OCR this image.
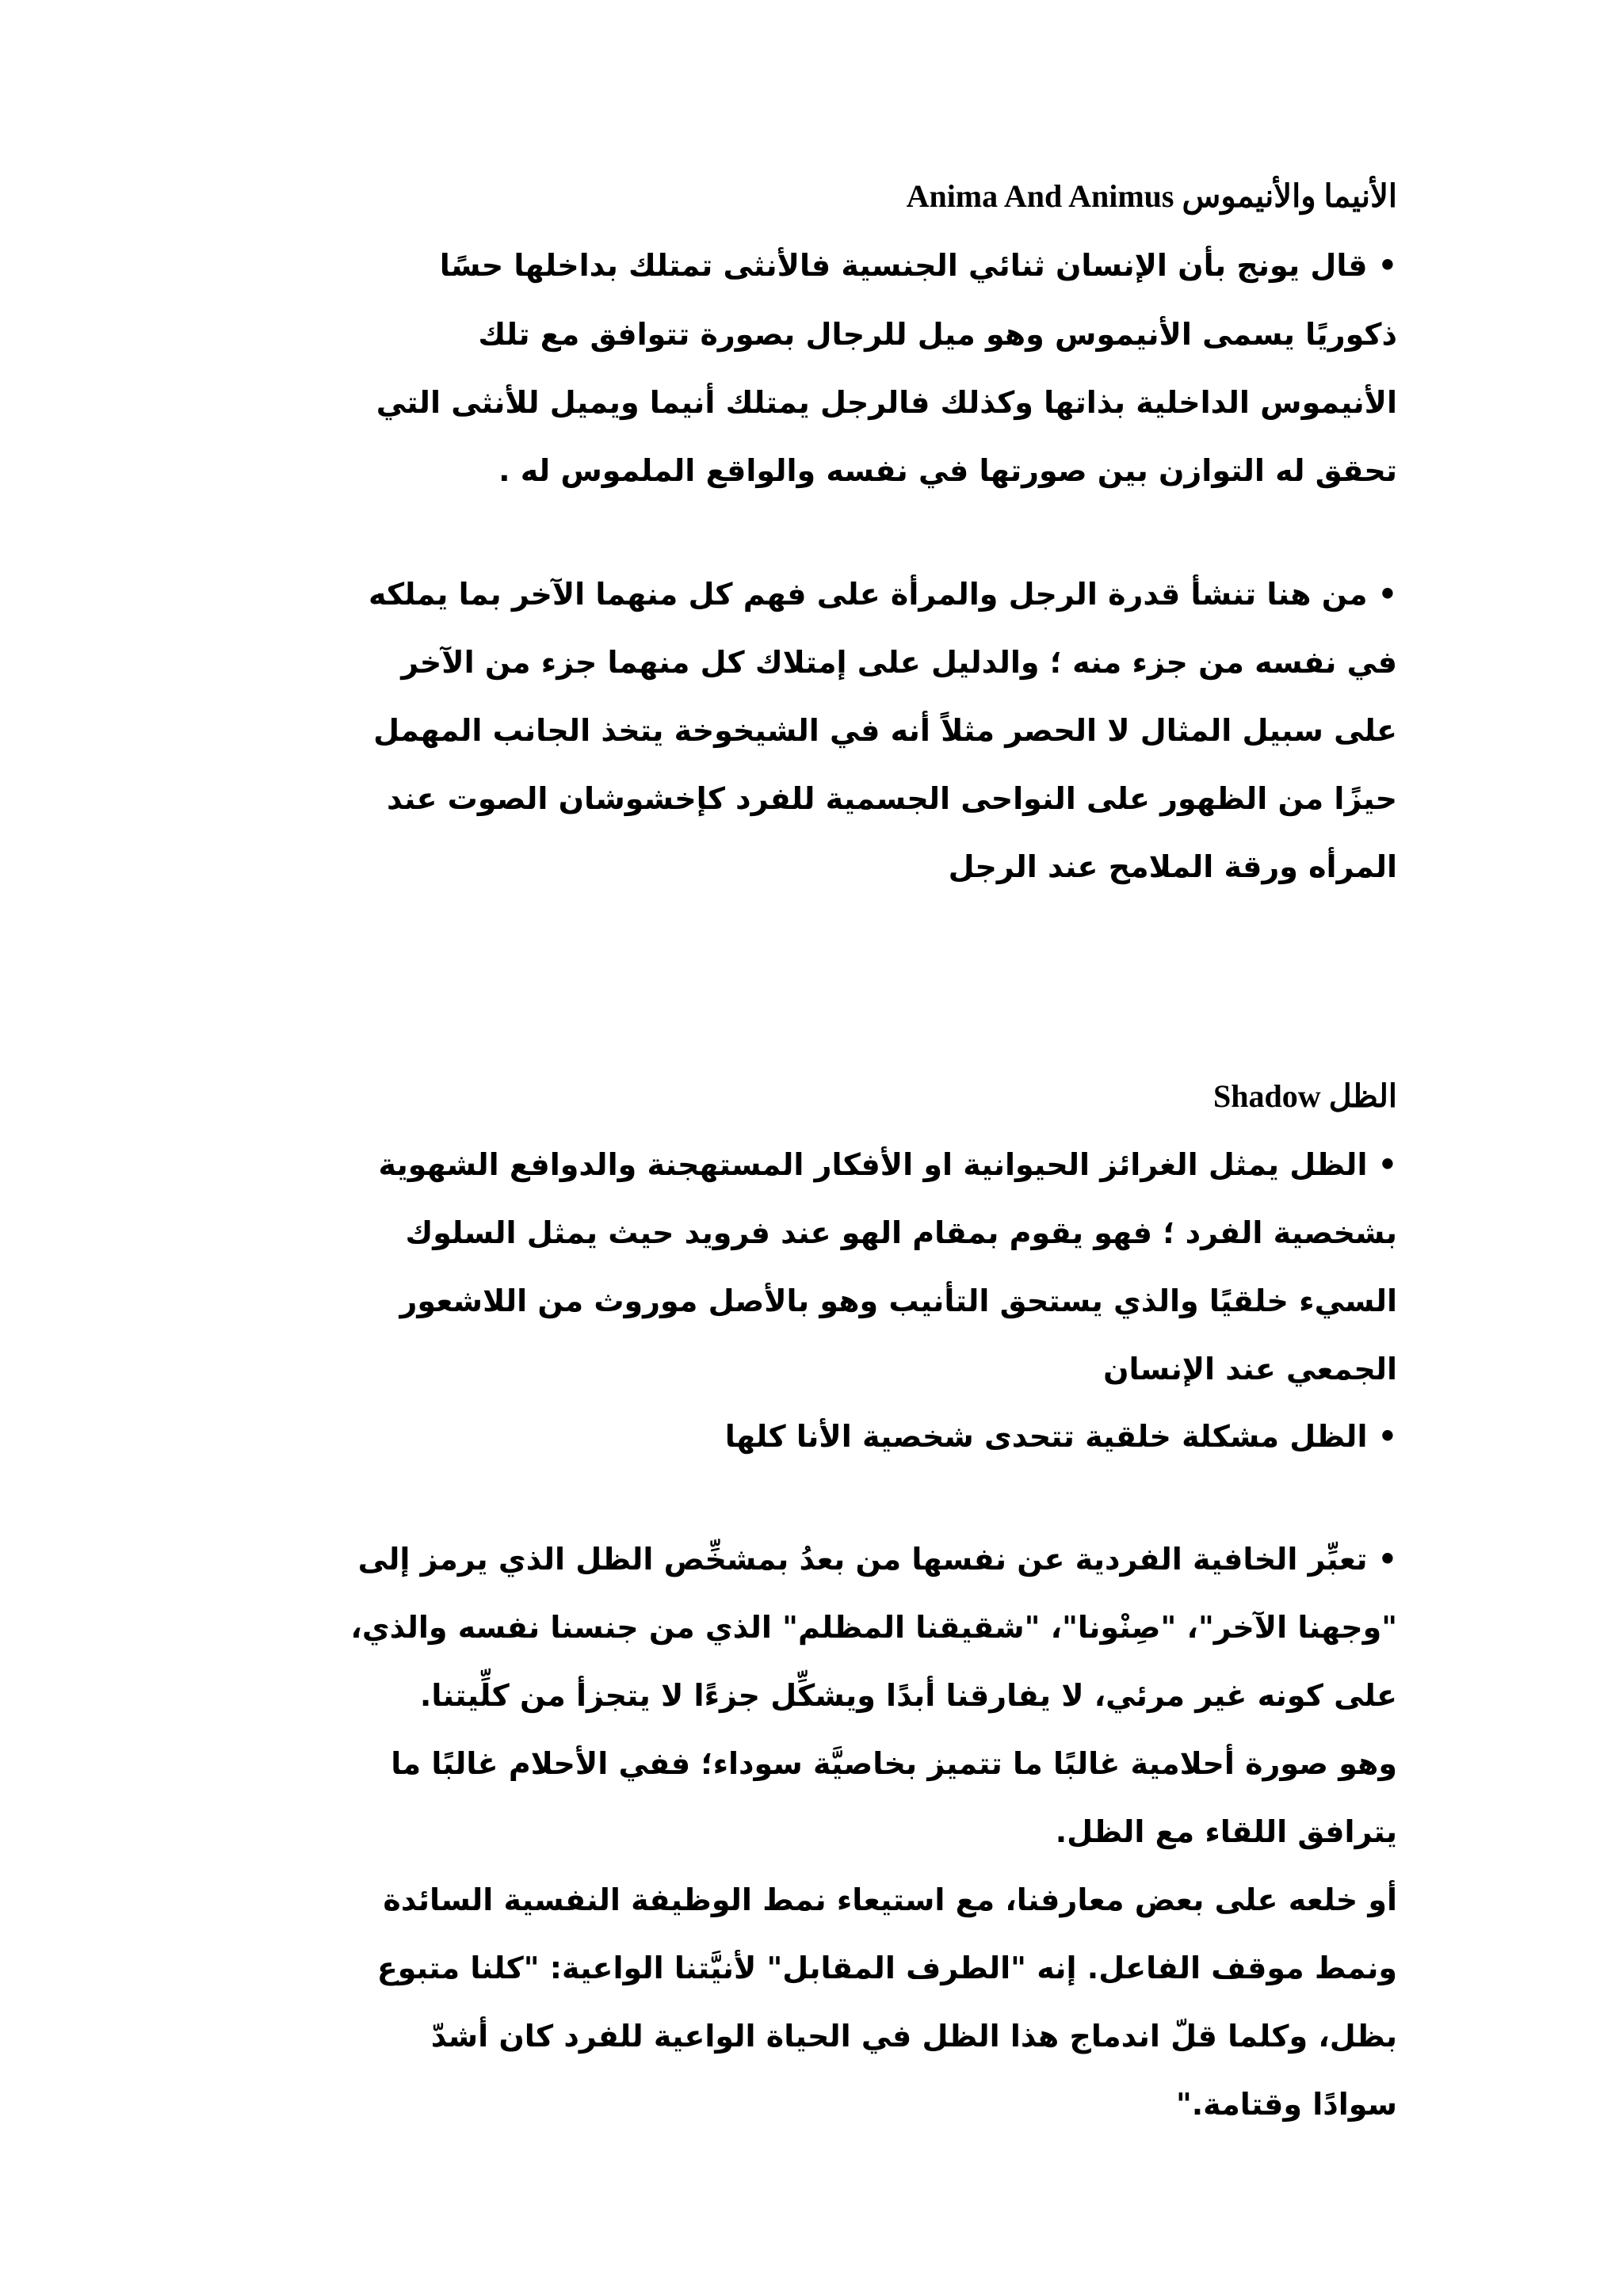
الأنيما والأنيموس Anima And Animus
• قال يونج بأن الإنسان ثنائي الجنسية فالأنثى تمتلك بداخلها حسًا
ذكوريًا يسمى الأنيموس وهو ميل للرجال بصورة تتوافق مع تلك
الأنيموس الداخلية بذاتها وكذلك فالرجل يمتلك أنيما ويميل للأنثى التي
تحقق له التوازن بين صورتها في نفسه والواقع الملموس له .
• من هنا تنشأ قدرة الرجل والمرأة على فهم كل منهما الآخر بما يملكه
في نفسه من جزء منه ؛ والدليل على إمتلاك كل منهما جزء من الآخر
على سبيل المثال لا الحصر مثلاً أنه في الشيخوخة يتخذ الجانب المهمل
حيزًا من الظهور على النواحى الجسمية للفرد كإخشوشان الصوت عند
المرأه ورقة الملامح عند الرجل
الظل Shadow
• الظل يمثل الغرائز الحيوانية او الأفكار المستهجنة والدوافع الشهوية
بشخصية الفرد ؛ فهو يقوم بمقام الهو عند فرويد حيث يمثل السلوك
السيء خلقيًا والذي يستحق التأنيب وهو بالأصل موروث من اللاشعور
الجمعي عند الإنسان
• الظل مشكلة خلقية تتحدى شخصية الأنا كلها
• تعبِّر الخافية الفردية عن نفسها من بعدُ بمشخِّص الظل الذي يرمز إلى
"وجهنا الآخر"، "صِنْونا"، "شقيقنا المظلم" الذي من جنسنا نفسه والذي،
على كونه غير مرئي، لا يفارقنا أبدًا ويشكِّل جزءًا لا يتجزأ من كلِّيتنا.
وهو صورة أحلامية غالبًا ما تتميز بخاصيَّة سوداء؛ ففي الأحلام غالبًا ما
يترافق اللقاء مع الظل.
أو خلعه على بعض معارفنا، مع استيعاء نمط الوظيفة النفسية السائدة
ونمط موقف الفاعل. إنه "الطرف المقابل" لأنيَّتنا الواعية: "كلنا متبوع
بظل، وكلما قلّ اندماج هذا الظل في الحياة الواعية للفرد كان أشدّ
سوادًا وقتامة."
